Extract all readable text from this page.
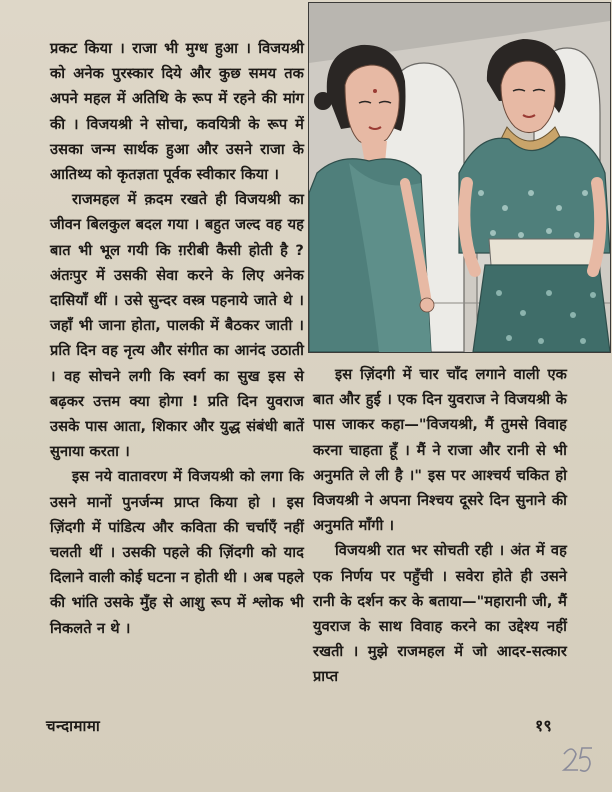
प्रकट किया । राजा भी मुग्ध हुआ । विजयश्री को अनेक पुरस्कार दिये और कुछ समय तक अपने महल में अतिथि के रूप में रहने की मांग की । विजयश्री ने सोचा, कवयित्री के रूप में उसका जन्म सार्थक हुआ और उसने राजा के आतिथ्य को कृतज्ञता पूर्वक स्वीकार किया ।

राजमहल में क़दम रखते ही विजयश्री का जीवन बिलकुल बदल गया । बहुत जल्द वह यह बात भी भूल गयी कि ग़रीबी कैसी होती है ? अंतःपुर में उसकी सेवा करने के लिए अनेक दासियाँ थीं । उसे सुन्दर वस्त्र पहनाये जाते थे । जहाँ भी जाना होता, पालकी में बैठकर जाती । प्रति दिन वह नृत्य और संगीत का आनंद उठाती । वह सोचने लगी कि स्वर्ग का सुख इस से बढ़कर उत्तम क्या होगा ! प्रति दिन युवराज उसके पास आता, शिकार और युद्ध संबंधी बातें सुनाया करता ।

इस नये वातावरण में विजयश्री को लगा कि उसने मानों पुनर्जन्म प्राप्त किया हो । इस ज़िंदगी में पांडित्य और कविता की चर्चाएँ नहीं चलती थीं । उसकी पहले की ज़िंदगी को याद दिलाने वाली कोई घटना न होती थी । अब पहले की भांति उसके मुँह से आशु रूप में श्लोक भी निकलते न थे ।

इस ज़िंदगी में चार चाँद लगाने वाली एक बात और हुई । एक दिन युवराज ने विजयश्री के पास जाकर कहा—"विजयश्री, मैं तुमसे विवाह करना चाहता हूँ । मैं ने राजा और रानी से भी अनुमति ले ली है ।" इस पर आश्चर्य चकित हो विजयश्री ने अपना निश्चय दूसरे दिन सुनाने की अनुमति माँगी ।

विजयश्री रात भर सोचती रही । अंत में वह एक निर्णय पर पहुँची । सवेरा होते ही उसने रानी के दर्शन कर के बताया—"महारानी जी, मैं युवराज के साथ विवाह करने का उद्देश्य नहीं रखती । मुझे राजमहल में जो आदर-सत्कार प्राप्त

चन्दामामा	१९
